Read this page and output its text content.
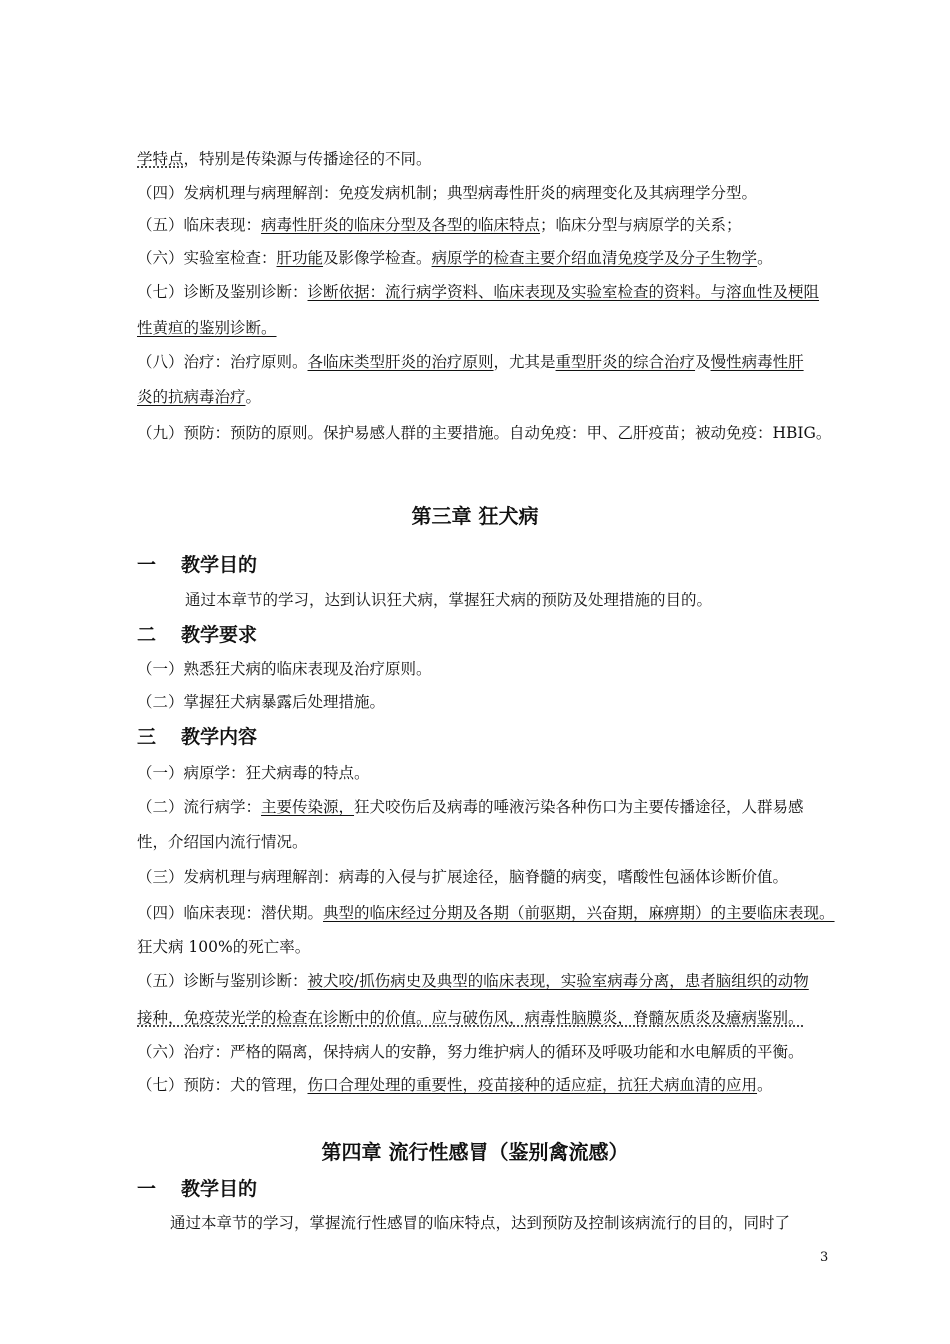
学特点，特别是传染源与传播途径的不同。
（四）发病机理与病理解剖：免疫发病机制；典型病毒性肝炎的病理变化及其病理学分型。
（五）临床表现：病毒性肝炎的临床分型及各型的临床特点；临床分型与病原学的关系；
（六）实验室检查：肝功能及影像学检查。病原学的检查主要介绍血清免疫学及分子生物学。
（七）诊断及鉴别诊断：诊断依据：流行病学资料、临床表现及实验室检查的资料。与溶血性及梗阻
性黄疸的鉴别诊断。
（八）治疗：治疗原则。各临床类型肝炎的治疗原则，尤其是重型肝炎的综合治疗及慢性病毒性肝
炎的抗病毒治疗。
（九）预防：预防的原则。保护易感人群的主要措施。自动免疫：甲、乙肝疫苗；被动免疫：HBIG。
第三章 狂犬病
一 教学目的
通过本章节的学习，达到认识狂犬病，掌握狂犬病的预防及处理措施的目的。
二 教学要求
（一）熟悉狂犬病的临床表现及治疗原则。
（二）掌握狂犬病暴露后处理措施。
三 教学内容
（一）病原学：狂犬病毒的特点。
（二）流行病学：主要传染源，狂犬咬伤后及病毒的唾液污染各种伤口为主要传播途径，人群易感
性，介绍国内流行情况。
（三）发病机理与病理解剖：病毒的入侵与扩展途径，脑脊髓的病变，嗜酸性包涵体诊断价值。
（四）临床表现：潜伏期。典型的临床经过分期及各期（前驱期，兴奋期，麻痹期）的主要临床表现。
狂犬病 100%的死亡率。
（五）诊断与鉴别诊断：被犬咬/抓伤病史及典型的临床表现，实验室病毒分离，患者脑组织的动物
接种，免疫荧光学的检查在诊断中的价值。应与破伤风，病毒性脑膜炎，脊髓灰质炎及癔病鉴别。
（六）治疗：严格的隔离，保持病人的安静，努力维护病人的循环及呼吸功能和水电解质的平衡。
（七）预防：犬的管理，伤口合理处理的重要性，疫苗接种的适应症，抗狂犬病血清的应用。
第四章 流行性感冒（鉴别禽流感）
一 教学目的
通过本章节的学习，掌握流行性感冒的临床特点，达到预防及控制该病流行的目的，同时了
3
